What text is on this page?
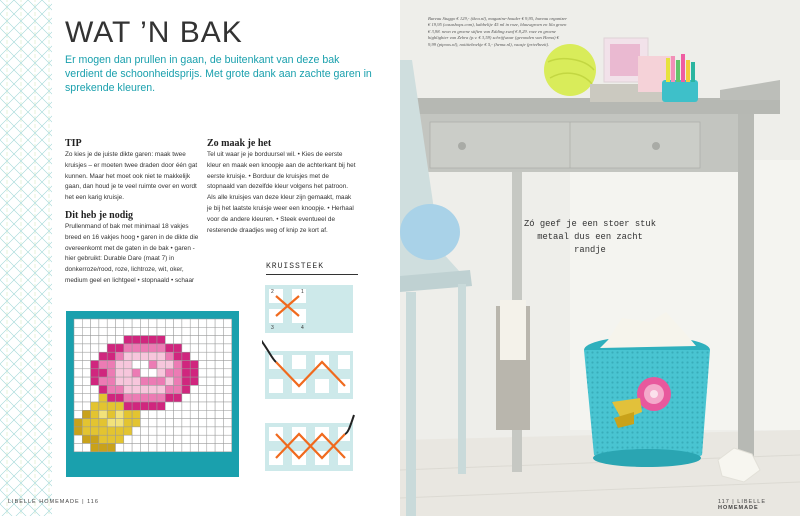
WAT ’N BAK
Er mogen dan prullen in gaan, de buitenkant van deze bak verdient de schoonheidsprijs. Met grote dank aan zachte garen in sprekende kleuren.
TIP
Zo kies je de juiste dikte garen: maak twee kruisjes – er moeten twee draden door één gat kunnen. Maar het moet ook niet te makkelijk gaan, dan houd je te veel ruimte over en wordt het een karig kruisje.
Dit heb je nodig
Prullenmand of bak met minimaal 18 vakjes breed en 16 vakjes hoog • garen in de dikte die overeenkomt met de gaten in de bak • garen - hier gebruikt: Durable Dare (maat 7) in donkerroze/rood, roze, lichtroze, wit, oker, medium geel en lichtgeel • stopnaald • schaar
Zo maak je het
Tel uit waar je je borduursel wil. • Kies de eerste kleur en maak een knoopje aan de achterkant bij het eerste kruisje. • Borduur de kruisjes met de stopnaald van dezelfde kleur volgens het patroon. Als alle kruisjes van deze kleur zijn gemaakt, maak je bij het laatste kruisje weer een knoopje. • Herhaal voor de andere kleuren. • Steek eventueel de resterende draadjes weg of knip ze kort af.
KRUISSTEEK
2	1
3	4
LIBELLE HOMEMADE | 116
Bureau Stuggo € 129,- (ikea.nl), magazine-houder € 9,95, bureau organizer € 19,95 (casashops.com), kabbeltje 45 ml in roze, blauwgroen en lila groen € 3,98. neon en groene stiften van Edding zwaf € 8,29. roze en groene highlighter van Zebra (p.v. € 3,59) schrijfwaar (gevonden van Hema) € 9,99 (pipoos.nl), notitieboekje € 5,- (hema.nl), vaasje (privébezit).
Zó geef je een stoer stuk metaal dus een zacht randje
117 | LIBELLE HOMEMADE
